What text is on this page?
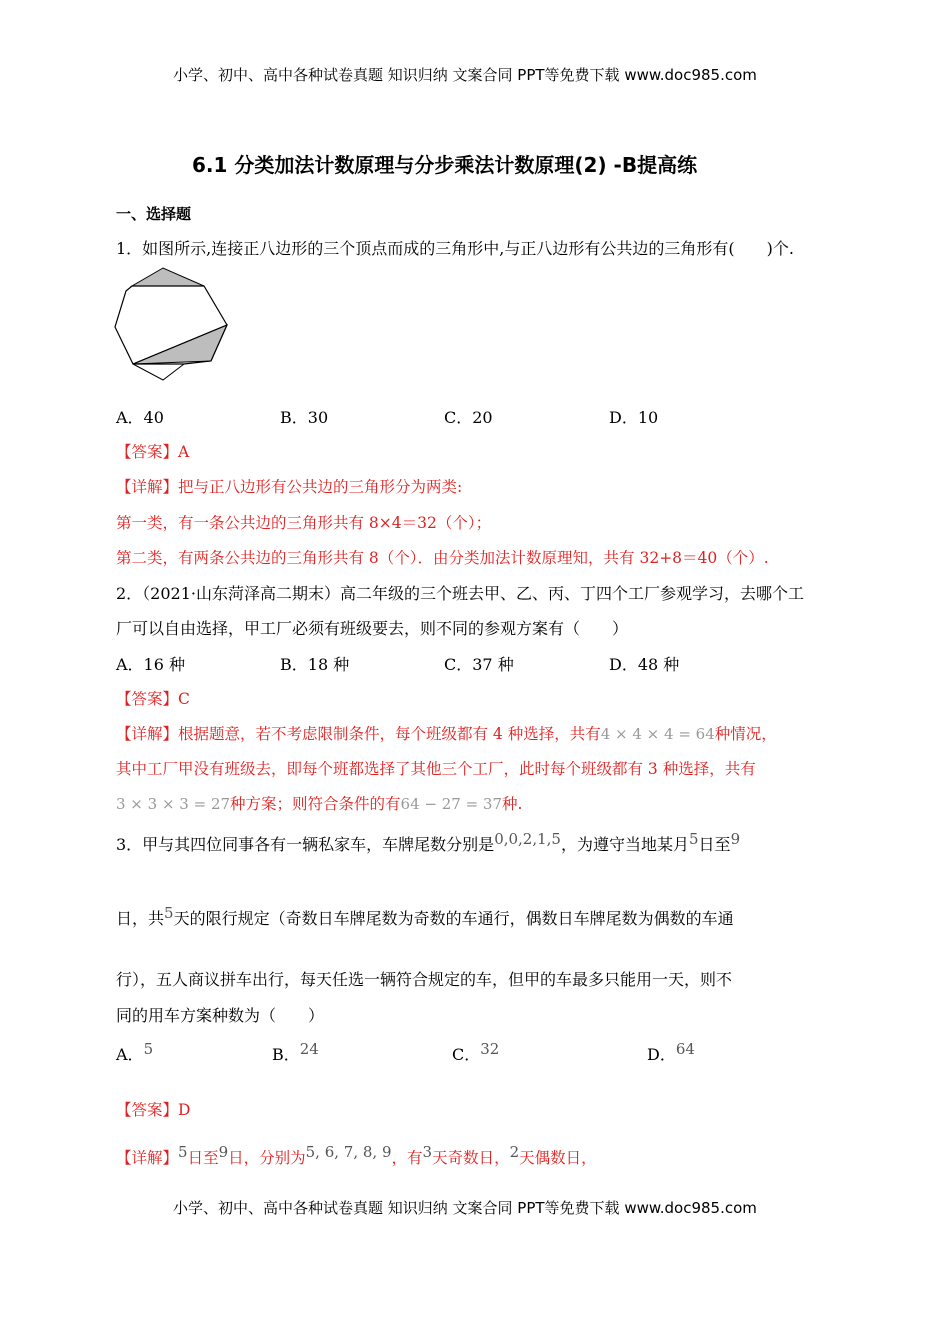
小学、初中、高中各种试卷真题 知识归纳 文案合同 PPT等免费下载 www.doc985.com
6.1 分类加法计数原理与分步乘法计数原理(2) -B提高练
一、选择题
1．如图所示,连接正八边形的三个顶点而成的三角形中,与正八边形有公共边的三角形有(　　)个.
A．40	B．30	C．20	D．10
【答案】A
【详解】把与正八边形有公共边的三角形分为两类:
第一类，有一条公共边的三角形共有 8×4＝32（个）；
第二类，有两条公共边的三角形共有 8（个）．由分类加法计数原理知，共有 32+8＝40（个）.
2．（2021·山东菏泽高二期末）高二年级的三个班去甲、乙、丙、丁四个工厂参观学习，去哪个工
厂可以自由选择，甲工厂必须有班级要去，则不同的参观方案有（　　）
A．16 种	B．18 种	C．37 种	D．48 种
【答案】C
【详解】根据题意，若不考虑限制条件，每个班级都有 4 种选择，共有4 × 4 × 4 = 64种情况，
其中工厂甲没有班级去，即每个班都选择了其他三个工厂，此时每个班级都有 3 种选择，共有
3 × 3 × 3 = 27种方案；则符合条件的有64 − 27 = 37种.
3．甲与其四位同事各有一辆私家车，车牌尾数分别是0,0,2,1,5，为遵守当地某月5日至9
日，共5天的限行规定（奇数日车牌尾数为奇数的车通行，偶数日车牌尾数为偶数的车通
行），五人商议拼车出行，每天任选一辆符合规定的车，但甲的车最多只能用一天，则不
同的用车方案种数为（　　）
A．5	B．24	C．32	D．64
【答案】D
【详解】5日至9日，分别为5, 6, 7, 8, 9，有3天奇数日，2天偶数日，
小学、初中、高中各种试卷真题 知识归纳 文案合同 PPT等免费下载 www.doc985.com
